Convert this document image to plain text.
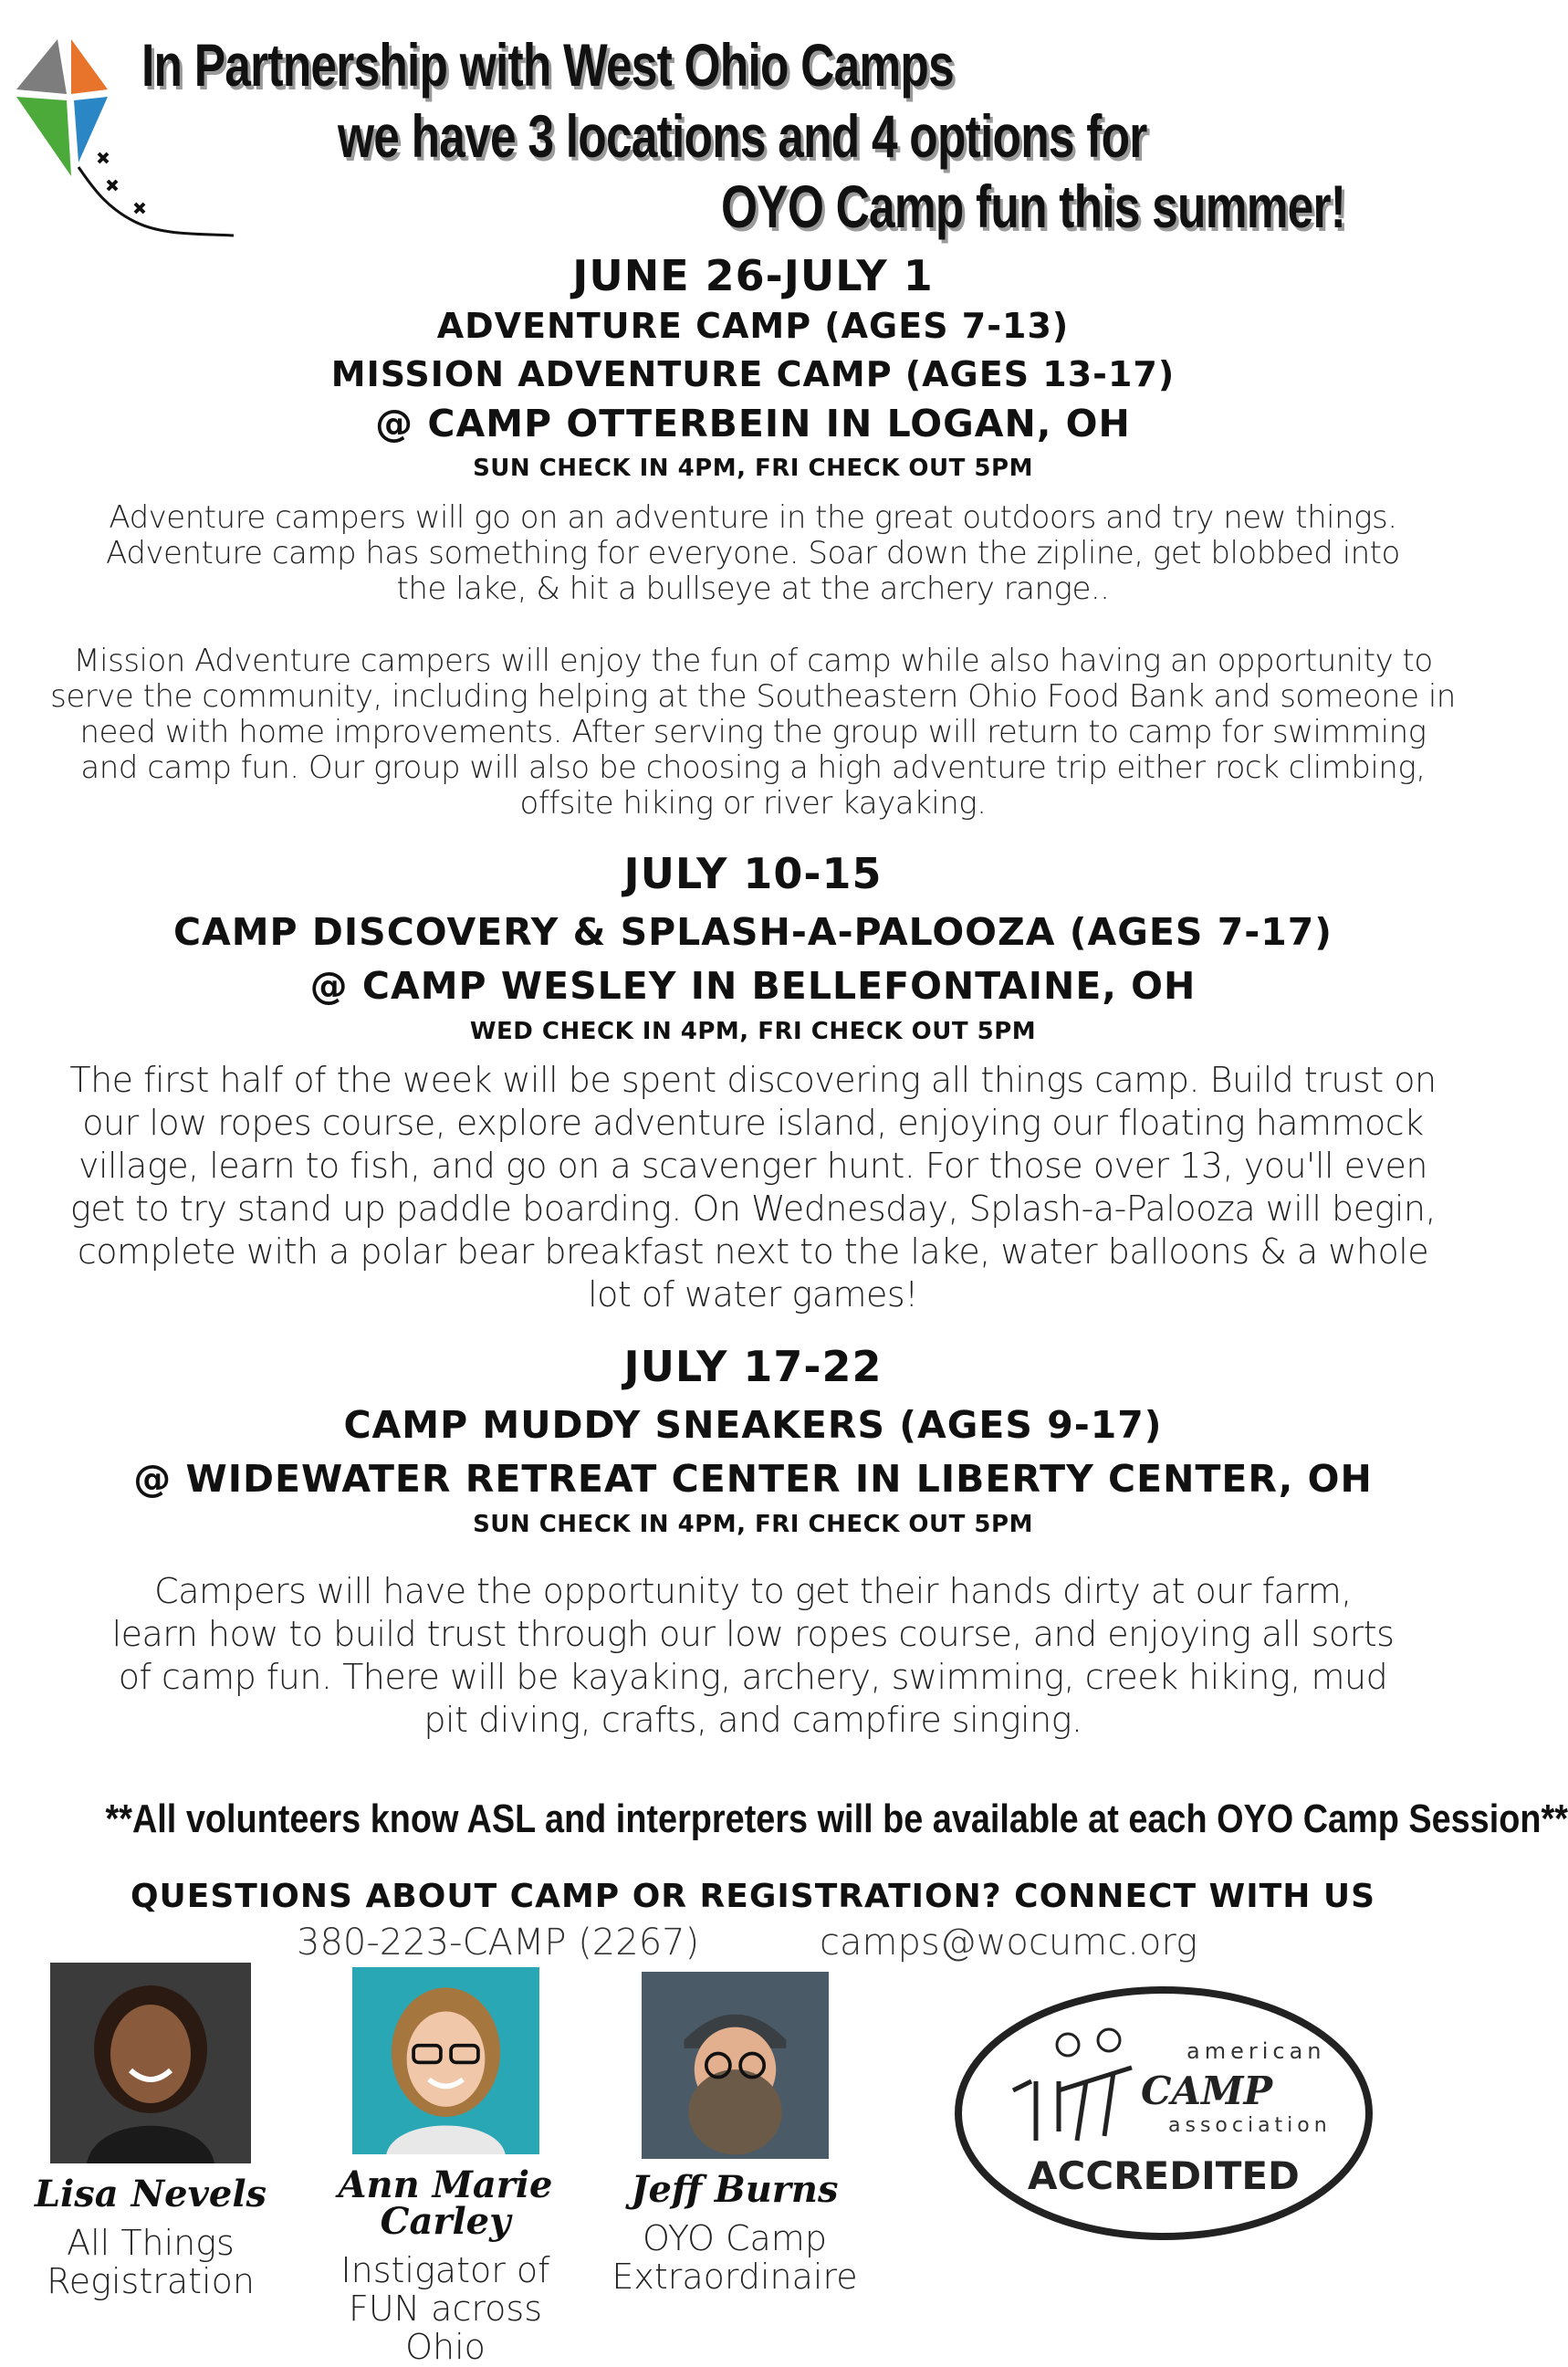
In Partnership with West Ohio Camps
we have 3 locations and 4 options for
OYO Camp fun this summer!
JUNE 26-JULY 1
ADVENTURE CAMP (AGES 7-13)
MISSION ADVENTURE CAMP (AGES 13-17)
@ CAMP OTTERBEIN IN LOGAN, OH
SUN CHECK IN 4PM, FRI CHECK OUT 5PM
Adventure campers will go on an adventure in the great outdoors and try new things. Adventure camp has something for everyone. Soar down the zipline, get blobbed into the lake, & hit a bullseye at the archery range..
Mission Adventure campers will enjoy the fun of camp while also having an opportunity to serve the community, including helping at the Southeastern Ohio Food Bank and someone in need with home improvements. After serving the group will return to camp for swimming and camp fun. Our group will also be choosing a high adventure trip either rock climbing, offsite hiking or river kayaking.
JULY 10-15
CAMP DISCOVERY & SPLASH-A-PALOOZA (AGES 7-17)
@ CAMP WESLEY IN BELLEFONTAINE, OH
WED CHECK IN 4PM, FRI CHECK OUT 5PM
The first half of the week will be spent discovering all things camp. Build trust on our low ropes course, explore adventure island, enjoying our floating hammock village, learn to fish, and go on a scavenger hunt. For those over 13, you'll even get to try stand up paddle boarding. On Wednesday, Splash-a-Palooza will begin, complete with a polar bear breakfast next to the lake, water balloons & a whole lot of water games!
JULY 17-22
CAMP MUDDY SNEAKERS (AGES 9-17)
@ WIDEWATER RETREAT CENTER IN LIBERTY CENTER, OH
SUN CHECK IN 4PM, FRI CHECK OUT 5PM
Campers will have the opportunity to get their hands dirty at our farm, learn how to build trust through our low ropes course, and enjoying all sorts of camp fun. There will be kayaking, archery, swimming, creek hiking, mud pit diving, crafts, and campfire singing.
**All volunteers know ASL and interpreters will be available at each OYO Camp Session**
QUESTIONS ABOUT CAMP OR REGISTRATION? CONNECT WITH US
380-223-CAMP (2267)	camps@wocumc.org
Lisa Nevels
All Things Registration
Ann Marie Carley
Instigator of FUN across Ohio
Jeff Burns
OYO Camp Extraordinaire
american
CAMP
association
ACCREDITED
